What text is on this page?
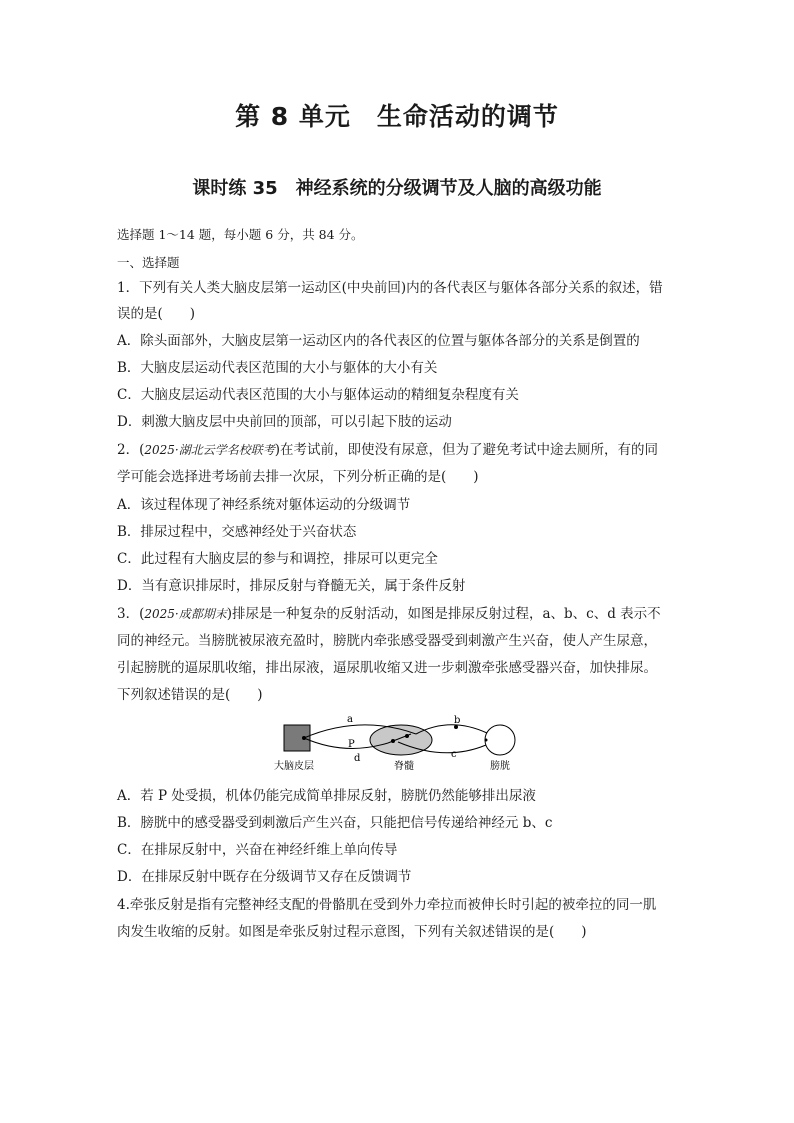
第 8 单元　生命活动的调节
课时练 35　神经系统的分级调节及人脑的高级功能
选择题 1～14 题，每小题 6 分，共 84 分。
一、选择题
1．下列有关人类大脑皮层第一运动区(中央前回)内的各代表区与躯体各部分关系的叙述，错
误的是(　　)
A．除头面部外，大脑皮层第一运动区内的各代表区的位置与躯体各部分的关系是倒置的
B．大脑皮层运动代表区范围的大小与躯体的大小有关
C．大脑皮层运动代表区范围的大小与躯体运动的精细复杂程度有关
D．刺激大脑皮层中央前回的顶部，可以引起下肢的运动
2．(2025·湖北云学名校联考)在考试前，即使没有尿意，但为了避免考试中途去厕所，有的同
学可能会选择进考场前去排一次尿，下列分析正确的是(　　)
A．该过程体现了神经系统对躯体运动的分级调节
B．排尿过程中，交感神经处于兴奋状态
C．此过程有大脑皮层的参与和调控，排尿可以更完全
D．当有意识排尿时，排尿反射与脊髓无关，属于条件反射
3．(2025·成都期末)排尿是一种复杂的反射活动，如图是排尿反射过程，a、b、c、d 表示不
同的神经元。当膀胱被尿液充盈时，膀胱内牵张感受器受到刺激产生兴奋，使人产生尿意，
引起膀胱的逼尿肌收缩，排出尿液，逼尿肌收缩又进一步刺激牵张感受器兴奋，加快排尿。
下列叙述错误的是(　　)
a	b
c
d
P
大脑皮层	脊髓	膀胱
A．若 P 处受损，机体仍能完成简单排尿反射，膀胱仍然能够排出尿液
B．膀胱中的感受器受到刺激后产生兴奋，只能把信号传递给神经元 b、c
C．在排尿反射中，兴奋在神经纤维上单向传导
D．在排尿反射中既存在分级调节又存在反馈调节
4.牵张反射是指有完整神经支配的骨骼肌在受到外力牵拉而被伸长时引起的被牵拉的同一肌
肉发生收缩的反射。如图是牵张反射过程示意图，下列有关叙述错误的是(　　)
